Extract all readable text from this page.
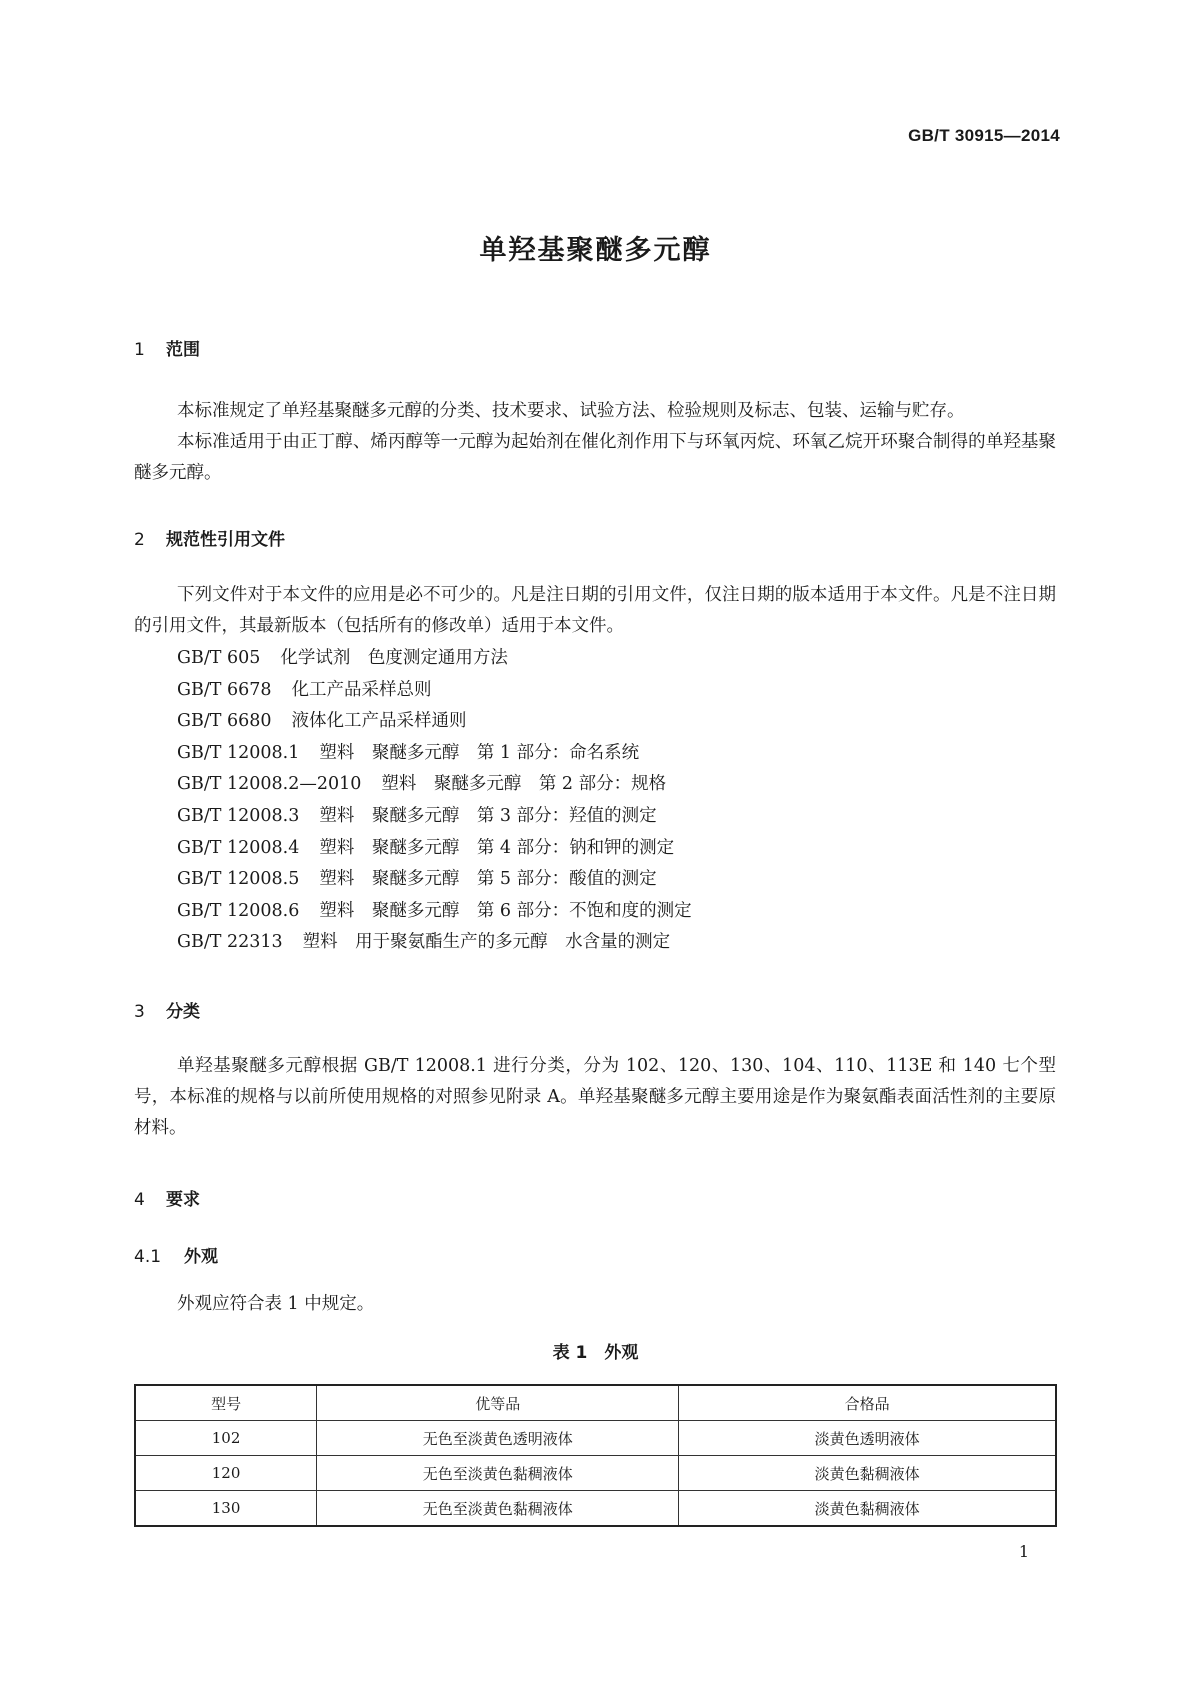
GB/T 30915—2014
单羟基聚醚多元醇
1 范围
本标准规定了单羟基聚醚多元醇的分类、技术要求、试验方法、检验规则及标志、包装、运输与贮存。
本标准适用于由正丁醇、烯丙醇等一元醇为起始剂在催化剂作用下与环氧丙烷、环氧乙烷开环聚合制得的单羟基聚醚多元醇。
2 规范性引用文件
下列文件对于本文件的应用是必不可少的。凡是注日期的引用文件，仅注日期的版本适用于本文件。凡是不注日期的引用文件，其最新版本（包括所有的修改单）适用于本文件。
GB/T 605 化学试剂　色度测定通用方法
GB/T 6678 化工产品采样总则
GB/T 6680 液体化工产品采样通则
GB/T 12008.1 塑料　聚醚多元醇　第 1 部分：命名系统
GB/T 12008.2—2010 塑料　聚醚多元醇　第 2 部分：规格
GB/T 12008.3 塑料　聚醚多元醇　第 3 部分：羟值的测定
GB/T 12008.4 塑料　聚醚多元醇　第 4 部分：钠和钾的测定
GB/T 12008.5 塑料　聚醚多元醇　第 5 部分：酸值的测定
GB/T 12008.6 塑料　聚醚多元醇　第 6 部分：不饱和度的测定
GB/T 22313 塑料　用于聚氨酯生产的多元醇　水含量的测定
3 分类
单羟基聚醚多元醇根据 GB/T 12008.1 进行分类，分为 102、120、130、104、110、113E 和 140 七个型号，本标准的规格与以前所使用规格的对照参见附录 A。单羟基聚醚多元醇主要用途是作为聚氨酯表面活性剂的主要原材料。
4 要求
4.1 外观
外观应符合表 1 中规定。
表 1　外观
型号	优等品	合格品
102	无色至淡黄色透明液体	淡黄色透明液体
120	无色至淡黄色黏稠液体	淡黄色黏稠液体
130	无色至淡黄色黏稠液体	淡黄色黏稠液体
1
